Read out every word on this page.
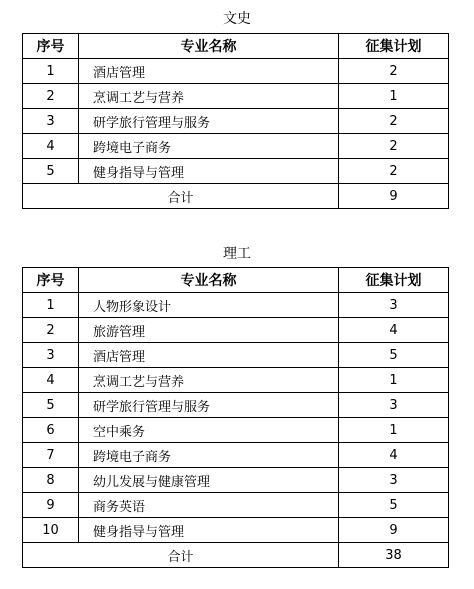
文史
序号	专业名称	征集计划
1	酒店管理	2
2	烹调工艺与营养	1
3	研学旅行管理与服务	2
4	跨境电子商务	2
5	健身指导与管理	2
合计		9
理工
序号	专业名称	征集计划
1	人物形象设计	3
2	旅游管理	4
3	酒店管理	5
4	烹调工艺与营养	1
5	研学旅行管理与服务	3
6	空中乘务	1
7	跨境电子商务	4
8	幼儿发展与健康管理	3
9	商务英语	5
10	健身指导与管理	9
合计		38
